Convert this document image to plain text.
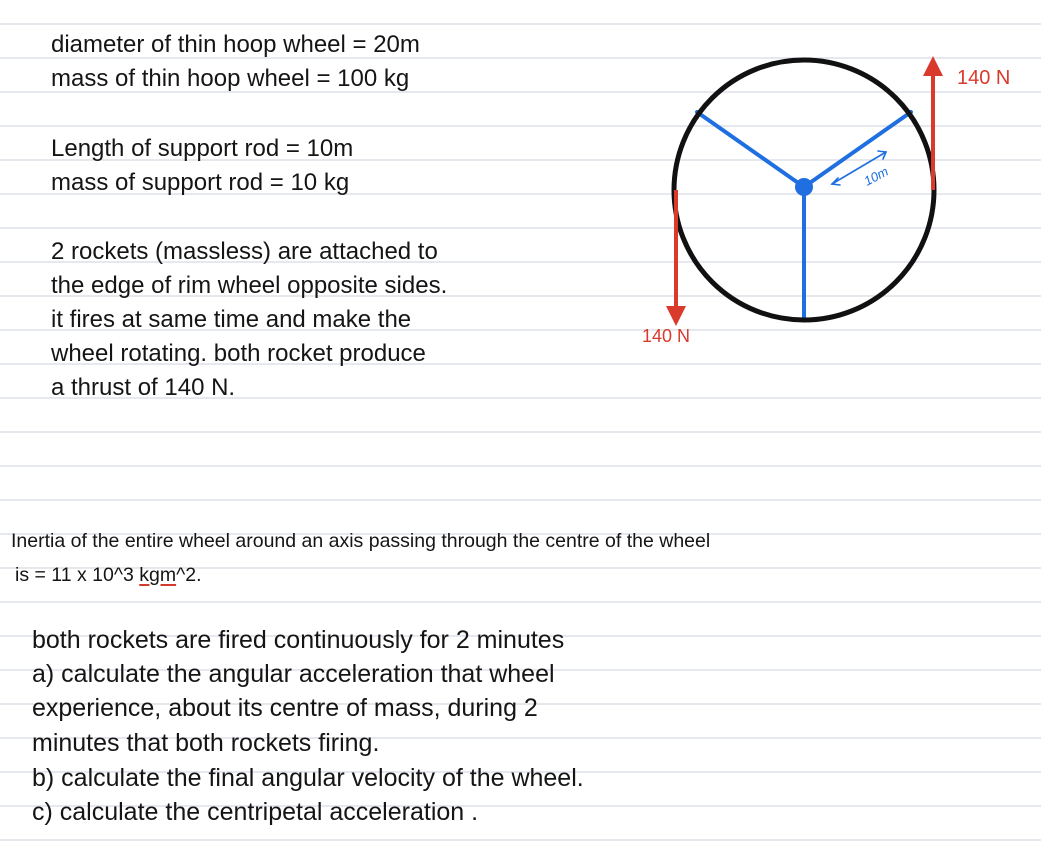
diameter of thin hoop wheel = 20m
mass of thin hoop wheel = 100 kg
Length of support rod = 10m
mass of support rod = 10 kg
2 rockets (massless) are attached to
the edge of rim wheel opposite sides.
it fires at same time and make the
wheel rotating. both rocket produce
a thrust of 140 N.
10m
140 N
140 N
Inertia of the entire wheel around an axis passing through the centre of the wheel
is = 11 x 10^3 kgm^2.
both rockets are fired continuously for 2 minutes
a) calculate the angular acceleration that wheel
experience, about its centre of mass, during 2
minutes that both rockets firing.
b) calculate the final angular velocity of the wheel.
c) calculate the centripetal acceleration .
